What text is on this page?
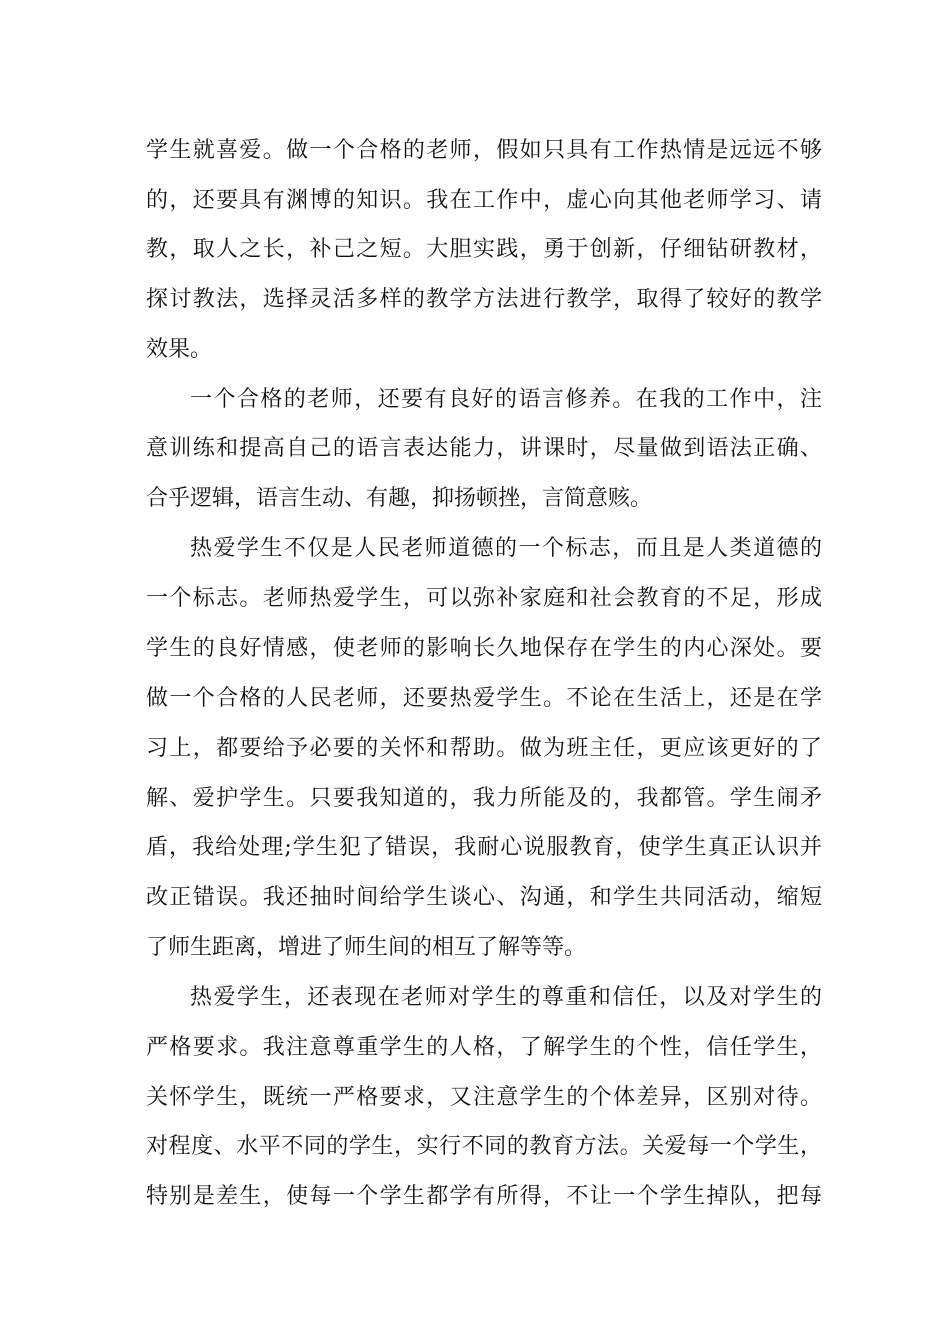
学生就喜爱。做一个合格的老师，假如只具有工作热情是远远不够

的，还要具有渊博的知识。我在工作中，虚心向其他老师学习、请

教，取人之长，补己之短。大胆实践，勇于创新，仔细钻研教材，

探讨教法，选择灵活多样的教学方法进行教学，取得了较好的教学

效果。

一个合格的老师，还要有良好的语言修养。在我的工作中，注

意训练和提高自己的语言表达能力，讲课时，尽量做到语法正确、

合乎逻辑，语言生动、有趣，抑扬顿挫，言简意赅。

热爱学生不仅是人民老师道德的一个标志，而且是人类道德的

一个标志。老师热爱学生，可以弥补家庭和社会教育的不足，形成

学生的良好情感，使老师的影响长久地保存在学生的内心深处。要

做一个合格的人民老师，还要热爱学生。不论在生活上，还是在学

习上，都要给予必要的关怀和帮助。做为班主任，更应该更好的了

解、爱护学生。只要我知道的，我力所能及的，我都管。学生闹矛

盾，我给处理;学生犯了错误，我耐心说服教育，使学生真正认识并

改正错误。我还抽时间给学生谈心、沟通，和学生共同活动，缩短

了师生距离，增进了师生间的相互了解等等。

热爱学生，还表现在老师对学生的尊重和信任，以及对学生的

严格要求。我注意尊重学生的人格，了解学生的个性，信任学生，

关怀学生，既统一严格要求，又注意学生的个体差异，区别对待。

对程度、水平不同的学生，实行不同的教育方法。关爱每一个学生，

特别是差生，使每一个学生都学有所得，不让一个学生掉队，把每
